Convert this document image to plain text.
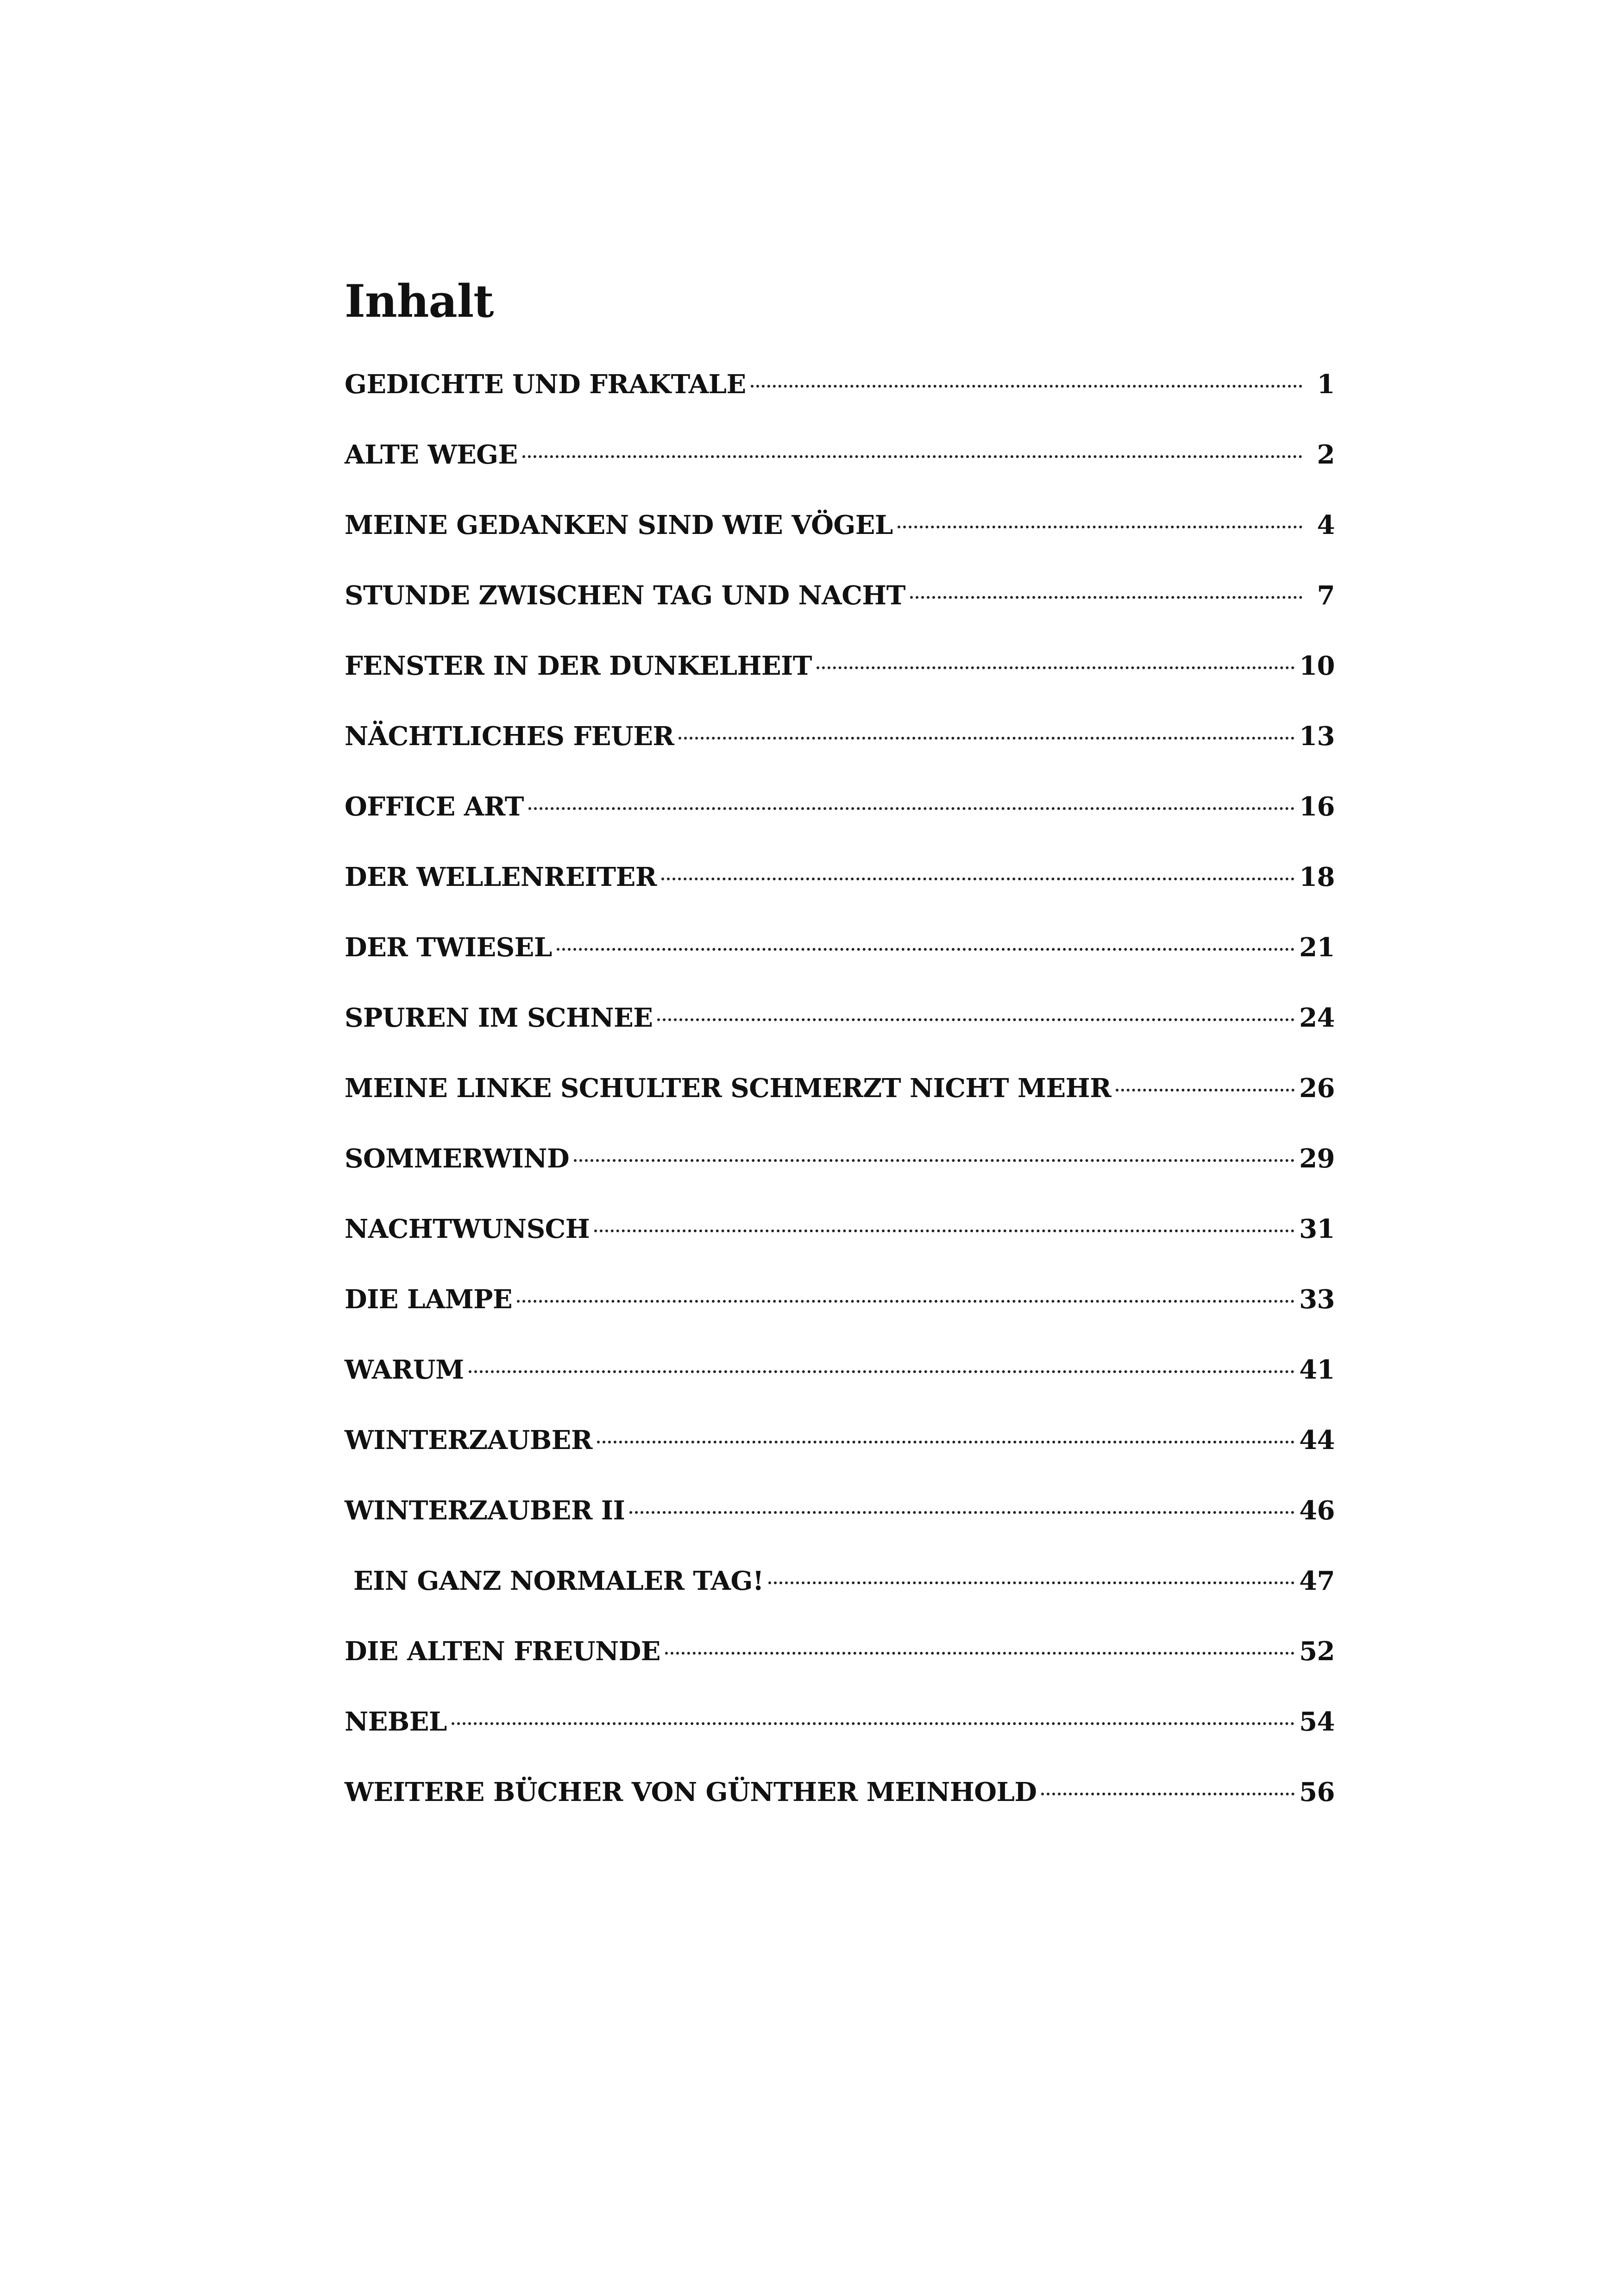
Inhalt
GEDICHTE UND FRAKTALE	1
ALTE WEGE	2
MEINE GEDANKEN SIND WIE VÖGEL	4
STUNDE ZWISCHEN TAG UND NACHT	7
FENSTER IN DER DUNKELHEIT	10
NÄCHTLICHES FEUER	13
OFFICE ART	16
DER WELLENREITER	18
DER TWIESEL	21
SPUREN IM SCHNEE	24
MEINE LINKE SCHULTER SCHMERZT NICHT MEHR	26
SOMMERWIND	29
NACHTWUNSCH	31
DIE LAMPE	33
WARUM	41
WINTERZAUBER	44
WINTERZAUBER II	46
EIN GANZ NORMALER TAG!	47
DIE ALTEN FREUNDE	52
NEBEL	54
WEITERE BÜCHER VON GÜNTHER MEINHOLD	56
